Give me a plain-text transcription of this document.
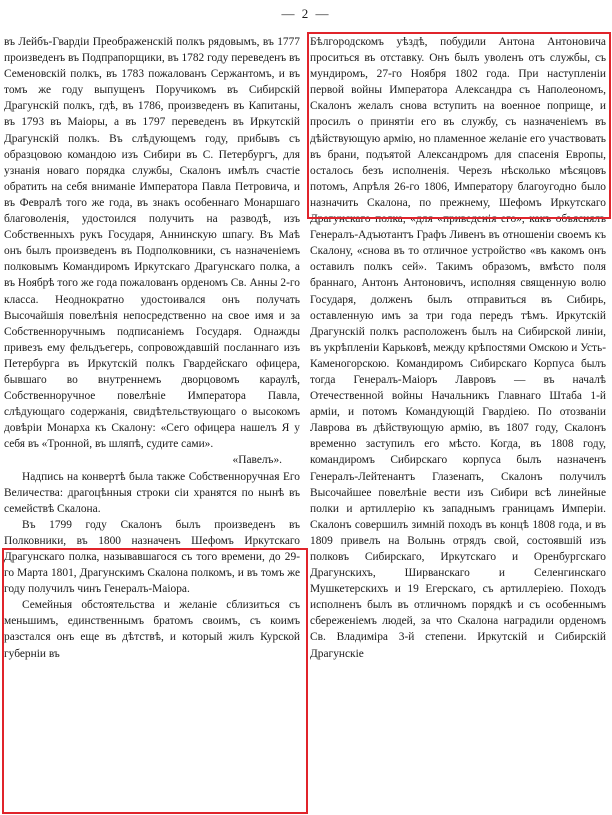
— 2 —

въ Лейбъ-Гвардіи Преображенскій полкъ рядовымъ, въ 1777 произведенъ въ Подпрапорщики, въ 1782 году переведенъ въ Семеновскій полкъ, въ 1783 пожалованъ Сержантомъ, и въ томъ же году выпущенъ Поручикомъ въ Сибирскій Драгунскій полкъ, гдѣ, въ 1786, произведенъ въ Капитаны, въ 1793 въ Маіоры, а въ 1797 переведенъ въ Иркутскій Драгунскій полкъ. Въ слѣдующемъ году, прибывъ съ образцовою командою изъ Сибири въ С. Петербургъ, для узнанія новаго порядка службы, Скалонъ имѣлъ счастіе обратить на себя вниманіе Императора Павла Петровича, и въ Февралѣ того же года, въ знакъ особеннаго Монаршаго благоволенія, удостоился получить на разводѣ, изъ Собственныхъ рукъ Государя, Аннинскую шпагу. Въ Маѣ онъ былъ произведенъ въ Подполковники, съ назначеніемъ полковымъ Командиромъ Иркутскаго Драгунскаго полка, а въ Ноябрѣ того же года пожалованъ орденомъ Св. Анны 2-го класса. Неоднократно удостоивался онъ получать Высочайшія повелѣнія непосредственно на свое имя и за Собственноручнымъ подписаніемъ Государя. Однажды привезъ ему фельдъегерь, сопровождавшій посланнаго изъ Петербурга въ Иркутскій полкъ Гвардейскаго офицера, бывшаго во внутреннемъ дворцовомъ караулѣ, Собственноручное повелѣніе Императора Павла, слѣдующаго содержанія, свидѣтельствующаго о высокомъ довѣріи Монарха къ Скалону: «Сего офицера нашелъ Я у себя въ «Тронной, въ шляпѣ, судите сами».

«Павелъ».

Надпись на конвертѣ была также Собственноручная Его Величества: драгоцѣнныя строки сіи хранятся по нынѣ въ семействѣ Скалона.

Въ 1799 году Скалонъ былъ произведенъ въ Полковники, въ 1800 назначенъ Шефомъ Иркутскаго Драгунскаго полка, называвшагося съ того времени, до 29-го Марта 1801, Драгунскимъ Скалона полкомъ, и въ томъ же году получилъ чинъ Генералъ-Маіора.

Семейныя обстоятельства и желаніе сблизиться съ меньшимъ, единственнымъ братомъ своимъ, съ коимъ разстался онъ еще въ дѣтствѣ, и который жилъ Курской губерніи въ

Бѣлгородскомъ уѣздѣ, побудили Антона Антоновича проситься въ отставку. Онъ былъ уволенъ отъ службы, съ мундиромъ, 27-го Ноября 1802 года. При наступленіи первой войны Императора Александра съ Наполеономъ, Скалонъ желалъ снова вступить на военное поприще, и просилъ о принятіи его въ службу, съ назначеніемъ въ дѣйствующую армію, но пламенное желаніе его участвовать въ брани, подъятой Александромъ для спасенія Европы, осталось безъ исполненія. Черезъ нѣсколько мѣсяцовъ потомъ, Апрѣля 26-го 1806, Императору благоугодно было назначить Скалона, по прежнему, Шефомъ Иркутскаго Драгунскаго полка, «для «приведенія его», какъ объяснялъ Генералъ-Адъютантъ Графъ Ливенъ въ отношеніи своемъ къ Скалону, «снова въ то отличное устройство «въ какомъ онъ оставилъ полкъ сей». Такимъ образомъ, вмѣсто поля браннаго, Антонъ Антоновичъ, исполняя священную волю Государя, долженъ былъ отправиться въ Сибирь, оставленную имъ за три года передъ тѣмъ. Иркутскій Драгунскій полкъ расположенъ былъ на Сибирской линіи, въ укрѣпленіи Карьковѣ, между крѣпостями Омскою и Усть-Каменогорскою. Командиромъ Сибирскаго Корпуса былъ тогда Генералъ-Маіоръ Лавровъ — въ началѣ Отечественной войны Начальникъ Главнаго Штаба 1-й арміи, и потомъ Командующій Гвардіею. По отозваніи Лаврова въ дѣйствующую армію, въ 1807 году, Скалонъ временно заступилъ его мѣсто. Когда, въ 1808 году, командиромъ Сибирскаго корпуса былъ назначенъ Генералъ-Лейтенантъ Глазенапъ, Скалонъ получилъ Высочайшее повелѣніе вести изъ Сибири всѣ линейные полки и артиллерію къ западнымъ границамъ Имперіи. Скалонъ совершилъ зимній походъ въ концѣ 1808 года, и въ 1809 привелъ на Волынь отрядъ свой, состоявшій изъ полковъ Сибирскаго, Иркутскаго и Оренбургскаго Драгунскихъ, Ширванскаго и Селенгинскаго Мушкетерскихъ и 19 Егерскаго, съ артиллеріею. Походъ исполненъ былъ въ отличномъ порядкѣ и съ особеннымъ сбереженіемъ людей, за что Скалона наградили орденомъ Св. Владиміра 3-й степени. Иркутскій и Сибирскій Драгунскіе
